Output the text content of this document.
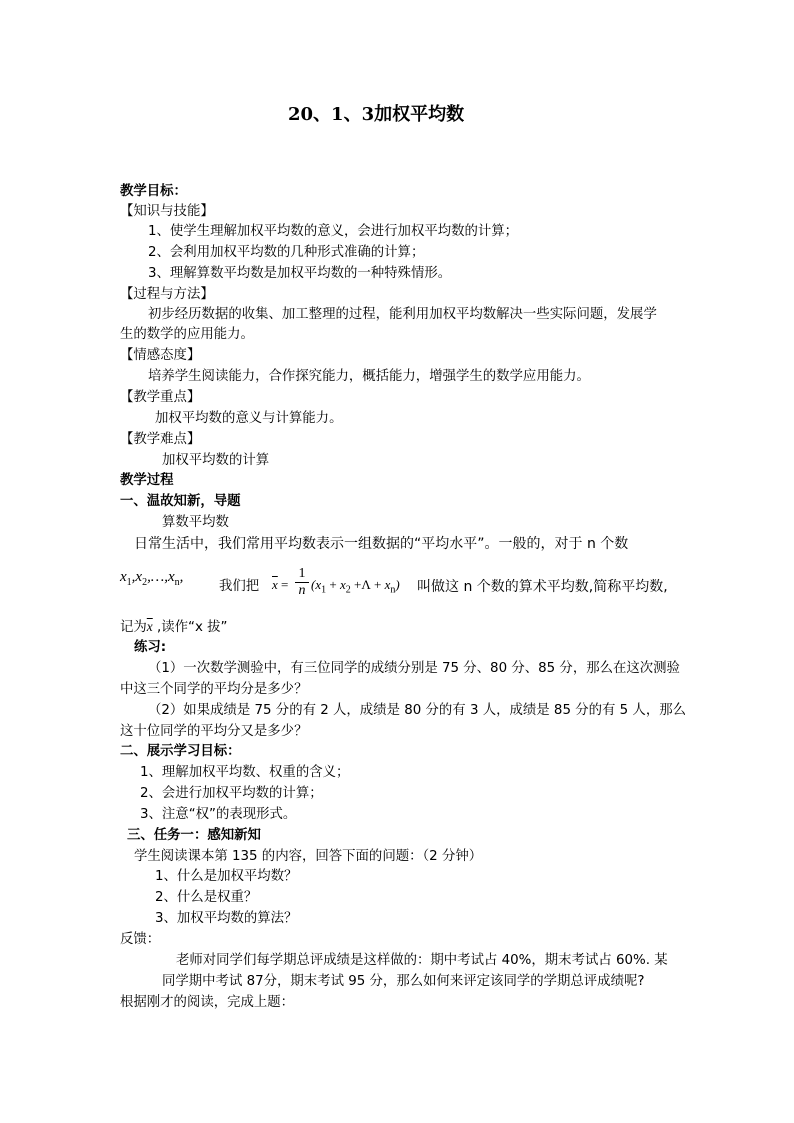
20、1、3加权平均数
教学目标：
【知识与技能】
1、使学生理解加权平均数的意义，会进行加权平均数的计算；
2、会利用加权平均数的几种形式准确的计算；
3、理解算数平均数是加权平均数的一种特殊情形。
【过程与方法】
初步经历数据的收集、加工整理的过程，能利用加权平均数解决一些实际问题，发展学
生的数学的应用能力。
【情感态度】
培养学生阅读能力，合作探究能力，概括能力，增强学生的数学应用能力。
【教学重点】
加权平均数的意义与计算能力。
【教学难点】
加权平均数的计算
教学过程
一、温故知新，导题
算数平均数
日常生活中，我们常用平均数表示一组数据的“平均水平”。一般的，对于 n 个数
$x_1,x_2,\dots,x_n$,
我们把 $\overline{x}$ =
1
n $(x_1 + x_2 +\Lambda + x_n)$ 叫做这 n 个数的算术平均数,简称平均数,
记为$\overline{x}$ ,读作“x 拔”
练习:
（1）一次数学测验中，有三位同学的成绩分别是 75 分、80 分、85 分，那么在这次测验
中这三个同学的平均分是多少？
（2）如果成绩是 75 分的有 2 人，成绩是 80 分的有 3 人，成绩是 85 分的有 5 人，那么
这十位同学的平均分又是多少？
二、展示学习目标：
1、理解加权平均数、权重的含义；
2、会进行加权平均数的计算；
3、注意“权”的表现形式。
三、任务一：感知新知
学生阅读课本第 135 的内容，回答下面的问题：（2 分钟）
1、什么是加权平均数？
2、什么是权重？
3、加权平均数的算法？
反馈：
老师对同学们每学期总评成绩是这样做的：期中考试占 40%，期末考试占 60%. 某
同学期中考试 87分，期末考试 95 分，那么如何来评定该同学的学期总评成绩呢?
根据刚才的阅读，完成上题：
